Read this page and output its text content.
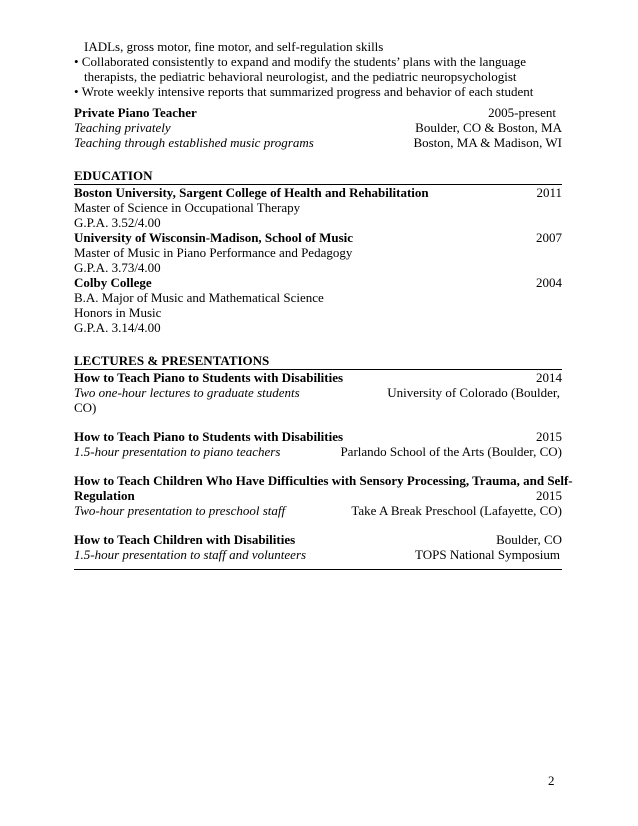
IADLs, gross motor, fine motor, and self-regulation skills
• Collaborated consistently to expand and modify the students’ plans with the language
therapists, the pediatric behavioral neurologist, and the pediatric neuropsychologist
• Wrote weekly intensive reports that summarized progress and behavior of each student
Private Piano Teacher	2005-present
Teaching privately	Boulder, CO & Boston, MA
Teaching through established music programs	Boston, MA & Madison, WI
EDUCATION
Boston University, Sargent College of Health and Rehabilitation	2011
Master of Science in Occupational Therapy
G.P.A. 3.52/4.00
University of Wisconsin-Madison, School of Music	2007
Master of Music in Piano Performance and Pedagogy
G.P.A. 3.73/4.00
Colby College	2004
B.A. Major of Music and Mathematical Science
Honors in Music
G.P.A. 3.14/4.00
LECTURES & PRESENTATIONS
How to Teach Piano to Students with Disabilities	2014
Two one-hour lectures to graduate students	University of Colorado (Boulder,
CO)
How to Teach Piano to Students with Disabilities	2015
1.5-hour presentation to piano teachers	Parlando School of the Arts (Boulder, CO)
How to Teach Children Who Have Difficulties with Sensory Processing, Trauma, and Self-
Regulation	2015
Two-hour presentation to preschool staff	Take A Break Preschool (Lafayette, CO)
How to Teach Children with Disabilities	Boulder, CO
1.5-hour presentation to staff and volunteers	TOPS National Symposium
2
